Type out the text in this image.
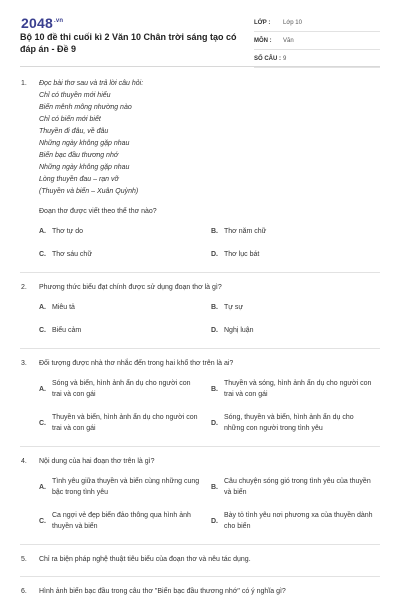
$2048^{.vn}$
Bộ 10 đề thi cuối kì 2 Văn 10 Chân trời sáng tạo có đáp án - Đề 9
LỚP :	Lớp 10
MÔN :	Văn
SỐ CÂU : 9
1. Đọc bài thơ sau và trả lời câu hỏi:
Chỉ có thuyền mới hiểu
Biển mênh mông nhường nào
Chỉ có biển mới biết
Thuyền đi đâu, về đâu
Những ngày không gặp nhau
Biển bạc đầu thương nhớ
Những ngày không gặp nhau
Lòng thuyền đau – rạn vỡ
(Thuyền và biển – Xuân Quỳnh)
Đoạn thơ được viết theo thể thơ nào?
A. Thơ tự do	B. Thơ năm chữ
C. Thơ sáu chữ	D. Thơ lục bát
2. Phương thức biểu đạt chính được sử dụng đoạn thơ là gì?
A. Miêu tả	B. Tự sự
C. Biểu cảm	D. Nghị luận
3. Đối tượng được nhà thơ nhắc đến trong hai khổ thơ trên là ai?
A.
Sóng và biển, hình ảnh ẩn dụ cho người con trai và con gái
B.
Thuyền và sóng, hình ảnh ẩn dụ cho người con trai và con gái
C.
Thuyền và biển, hình ảnh ẩn dụ cho người con trai và con gái
D.
Sóng, thuyền và biển, hình ảnh ẩn dụ cho những con người trong tình yêu
4. Nội dung của hai đoạn thơ trên là gì?
A.
Tình yêu giữa thuyền và biển cùng những cung bậc trong tình yêu
B.
Câu chuyện sóng gió trong tình yêu của thuyền và biển
C.
Ca ngợi vẻ đẹp biển đảo thông qua hình ảnh thuyền và biển
D.
Bày tỏ tình yêu nơi phương xa của thuyền dành cho biển
5. Chỉ ra biện pháp nghệ thuật tiêu biểu của đoạn thơ và nêu tác dụng.
6. Hình ảnh biển bạc đầu trong câu thơ "Biển bạc đầu thương nhớ" có ý nghĩa gì?
